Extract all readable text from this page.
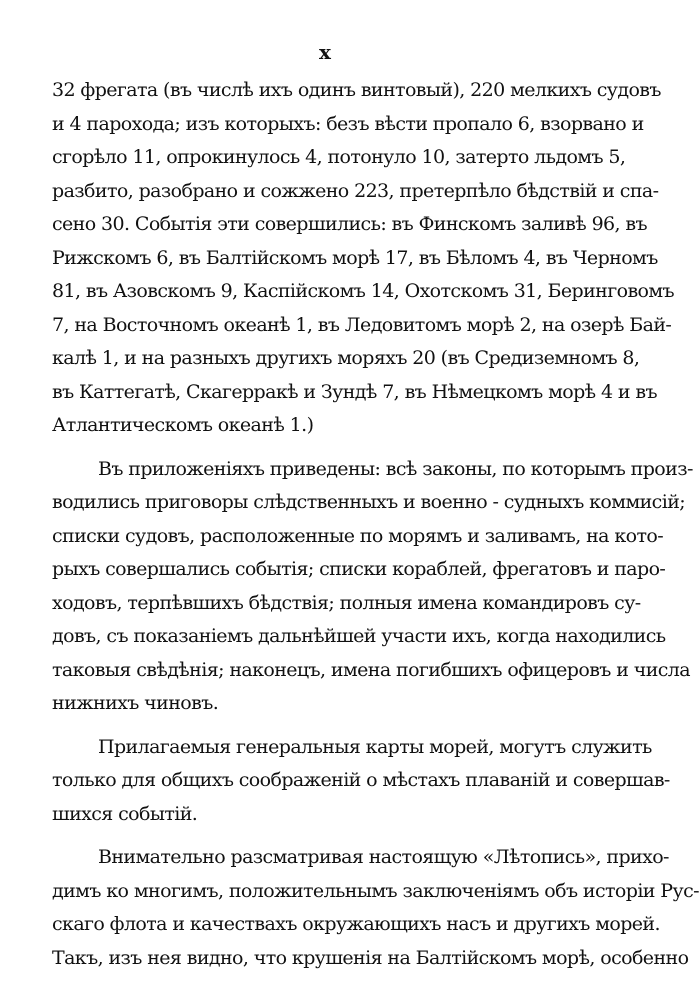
x
32 фрегата (въ числѣ ихъ одинъ винтовый), 220 мелкихъ судовъ
и 4 парохода; изъ которыхъ: безъ вѣсти пропало 6, взорвано и
сгорѣло 11, опрокинулось 4, потонуло 10, затерто льдомъ 5,
разбито, разобрано и сожжено 223, претерпѣло бѣдствій и спа-
сено 30. Событія эти совершились: въ Финскомъ заливѣ 96, въ
Рижскомъ 6, въ Балтійскомъ морѣ 17, въ Бѣломъ 4, въ Черномъ
81, въ Азовскомъ 9, Каспійскомъ 14, Охотскомъ 31, Беринговомъ
7, на Восточномъ океанѣ 1, въ Ледовитомъ морѣ 2, на озерѣ Бай-
калѣ 1, и на разныхъ другихъ моряхъ 20 (въ Средиземномъ 8,
въ Каттегатѣ, Скагерракѣ и Зундѣ 7, въ Нѣмецкомъ морѣ 4 и въ
Атлантическомъ океанѣ 1.)
Въ приложеніяхъ приведены: всѣ законы, по которымъ произ-
водились приговоры слѣдственныхъ и военно - судныхъ коммисій;
списки судовъ, расположенные по морямъ и заливамъ, на кото-
рыхъ совершались событія; списки кораблей, фрегатовъ и паро-
ходовъ, терпѣвшихъ бѣдствія; полныя имена командировъ су-
довъ, съ показаніемъ дальнѣйшей участи ихъ, когда находились
таковыя свѣдѣнія; наконецъ, имена погибшихъ офицеровъ и числа
нижнихъ чиновъ.
Прилагаемыя генеральныя карты морей, могутъ служить
только для общихъ соображеній о мѣстахъ плаваній и совершав-
шихся событій.
Внимательно разсматривая настоящую «Лѣтопись», прихо-
димъ ко многимъ, положительнымъ заключеніямъ объ исторіи Рус-
скаго флота и качествахъ окружающихъ насъ и другихъ морей.
Такъ, изъ нея видно, что крушенія на Балтійскомъ морѣ, особенно
